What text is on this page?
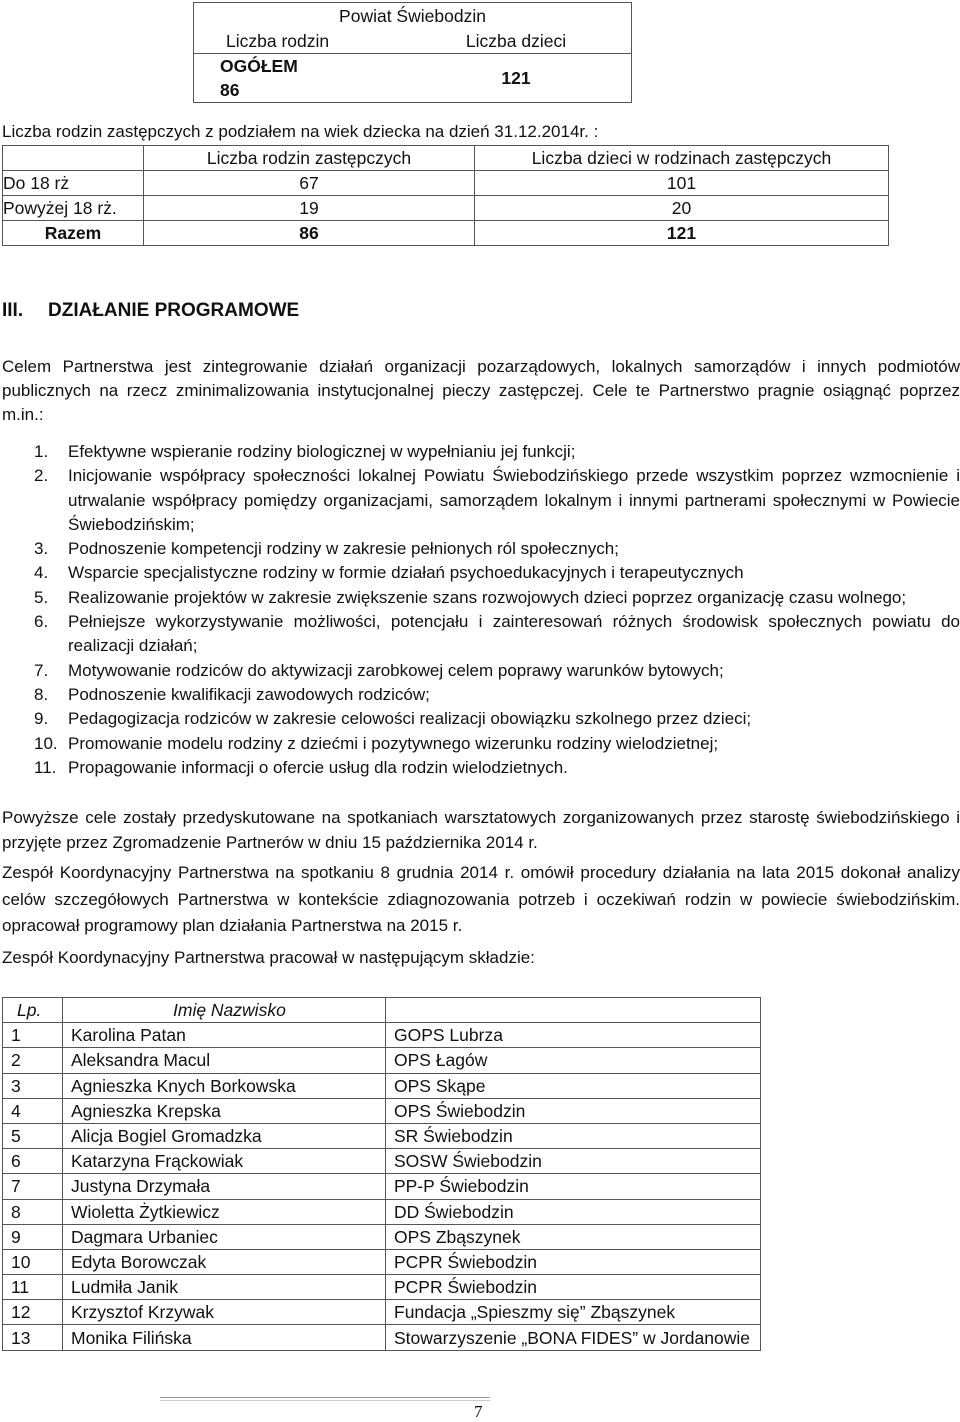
Powiat Świebodzin		
	Liczba rodzin	Liczba dzieci
OGÓŁEM86		121
Liczba rodzin zastępczych z podziałem na wiek dziecka na dzień 31.12.2014r. :
	Liczba rodzin zastępczych	Liczba dzieci w rodzinach zastępczych
Do 18 rż	67	101
Powyżej 18 rż.	19	20
Razem	86	121
III. DZIAŁANIE PROGRAMOWE
Celem Partnerstwa jest zintegrowanie działań organizacji pozarządowych, lokalnych samorządów i innych podmiotów publicznych na rzecz zminimalizowania instytucjonalnej pieczy zastępczej. Cele te Partnerstwo pragnie osiągnąć poprzez m.in.:
1.	Efektywne wspieranie rodziny biologicznej w wypełnianiu jej funkcji;
2.	Inicjowanie współpracy społeczności lokalnej Powiatu Świebodzińskiego przede wszystkim poprzez wzmocnienie i utrwalanie współpracy pomiędzy organizacjami, samorządem lokalnym i innymi partnerami społecznymi w Powiecie Świebodzińskim;
3.	Podnoszenie kompetencji rodziny w zakresie pełnionych ról społecznych;
4.	Wsparcie specjalistyczne rodziny w formie działań psychoedukacyjnych i terapeutycznych
5.	Realizowanie projektów w zakresie zwiększenie szans rozwojowych dzieci poprzez organizację czasu wolnego;
6.	Pełniejsze wykorzystywanie możliwości, potencjału i zainteresowań różnych środowisk społecznych powiatu do realizacji działań;
7.	Motywowanie rodziców do aktywizacji zarobkowej celem poprawy warunków bytowych;
8.	Podnoszenie kwalifikacji zawodowych rodziców;
9.	Pedagogizacja rodziców w zakresie celowości realizacji obowiązku szkolnego przez dzieci;
10. Promowanie modelu rodziny z dziećmi i pozytywnego wizerunku rodziny wielodzietnej;
11. Propagowanie informacji o ofercie usług dla rodzin wielodzietnych.
Powyższe cele zostały przedyskutowane na spotkaniach warsztatowych zorganizowanych przez starostę świebodzińskiego i przyjęte przez Zgromadzenie Partnerów w dniu 15 października 2014 r.
Zespół Koordynacyjny Partnerstwa na spotkaniu 8 grudnia 2014 r. omówił procedury działania na lata 2015 dokonał analizy celów szczegółowych Partnerstwa w kontekście zdiagnozowania potrzeb i oczekiwań rodzin w powiecie świebodzińskim. opracował programowy plan działania Partnerstwa na 2015 r.
Zespół Koordynacyjny Partnerstwa pracował w następującym składzie:
Lp.	Imię Nazwisko	
1	Karolina Patan	GOPS Lubrza
2	Aleksandra Macul	OPS Łagów
3	Agnieszka Knych Borkowska	OPS Skąpe
4	Agnieszka Krepska	OPS Świebodzin
5	Alicja Bogiel Gromadzka	SR Świebodzin
6	Katarzyna Frąckowiak	SOSW Świebodzin
7	Justyna Drzymała	PP-P Świebodzin
8	Wioletta Żytkiewicz	DD Świebodzin
9	Dagmara Urbaniec	OPS Zbąszynek
10	Edyta Borowczak	PCPR Świebodzin
11	Ludmiła Janik	PCPR Świebodzin
12	Krzysztof Krzywak	Fundacja „Spieszmy się” Zbąszynek
13	Monika Filińska	Stowarzyszenie „BONA FIDES” w Jordanowie
7
